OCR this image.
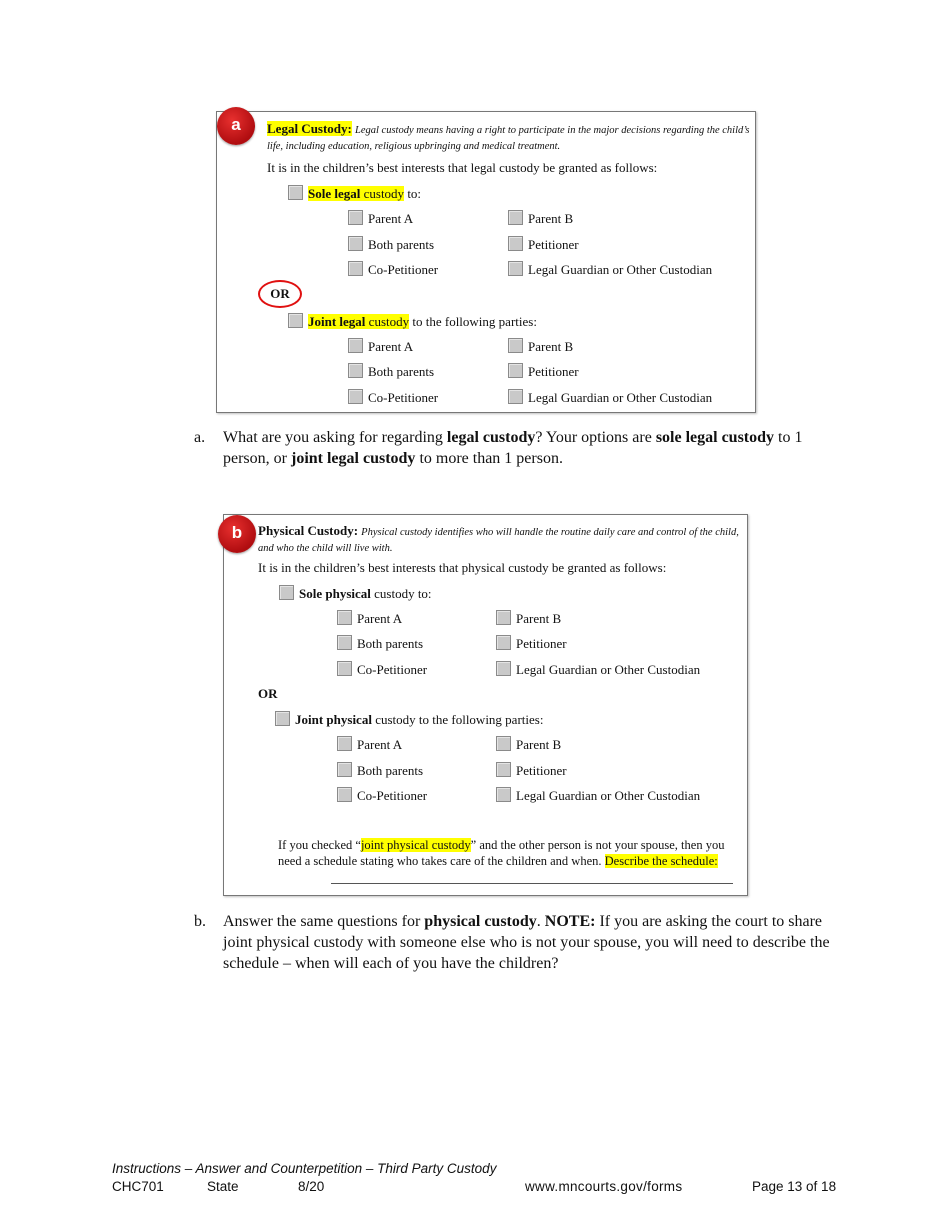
Legal Custody: Legal custody means having a right to participate in the major decisions regarding the child’s life, including education, religious upbringing and medical treatment.
It is in the children’s best interests that legal custody be granted as follows:
Sole legal custody to:
Parent A	Parent B
Both parents	Petitioner
Co-Petitioner	Legal Guardian or Other Custodian
OR
Joint legal custody to the following parties:
Parent A	Parent B
Both parents	Petitioner
Co-Petitioner	Legal Guardian or Other Custodian
a
a. What are you asking for regarding legal custody? Your options are sole legal custody to 1 person, or joint legal custody to more than 1 person.
Physical Custody: Physical custody identifies who will handle the routine daily care and control of the child, and who the child will live with.
It is in the children’s best interests that physical custody be granted as follows:
Sole physical custody to:
Parent A	Parent B
Both parents	Petitioner
Co-Petitioner	Legal Guardian or Other Custodian
OR
Joint physical custody to the following parties:
Parent A	Parent B
Both parents	Petitioner
Co-Petitioner	Legal Guardian or Other Custodian
If you checked “joint physical custody” and the other person is not your spouse, then you need a schedule stating who takes care of the children and when. Describe the schedule:
b
b. Answer the same questions for physical custody. NOTE: If you are asking the court to share joint physical custody with someone else who is not your spouse, you will need to describe the schedule – when will each of you have the children?
Instructions – Answer and Counterpetition – Third Party Custody
CHC701	State	8/20	www.mncourts.gov/forms	Page 13 of 18
